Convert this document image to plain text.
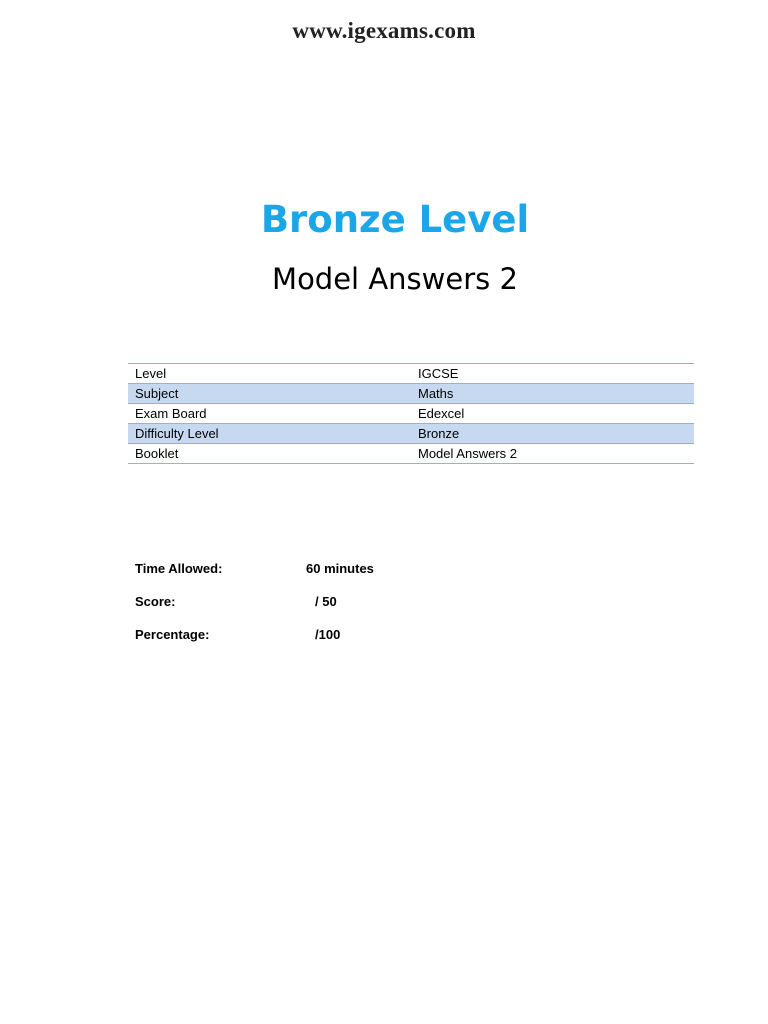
www.igexams.com
Bronze Level
Model Answers 2
Level	IGCSE
Subject	Maths
Exam Board	Edexcel
Difficulty Level	Bronze
Booklet	Model Answers 2
Time Allowed:	60 minutes
Score:	/ 50
Percentage:	/100
